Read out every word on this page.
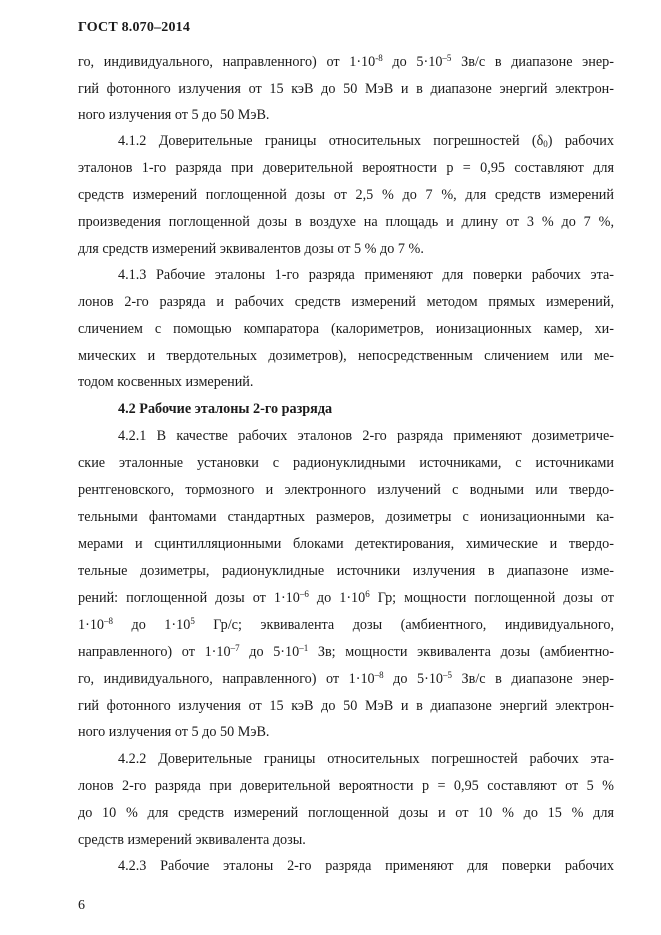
ГОСТ 8.070–2014
го, индивидуального, направленного) от $1\cdot 10^{-8}$ до $5\cdot 10^{-5}$ Зв/с в диапазоне энер-
гий фотонного излучения от 15 кэВ до 50 МэВ и в диапазоне энергий электрон-
ного излучения от 5 до 50 МэВ.
4.1.2 Доверительные границы относительных погрешностей $(\delta_0)$ рабочих
эталонов 1-го разряда при доверительной вероятности р = 0,95 составляют для
средств измерений поглощенной дозы от 2,5 % до 7 %, для средств измерений
произведения поглощенной дозы в воздухе на площадь и длину от 3 % до 7 %,
для средств измерений эквивалентов дозы от 5 % до 7 %.
4.1.3 Рабочие эталоны 1-го разряда применяют для поверки рабочих эта-
лонов 2-го разряда и рабочих средств измерений методом прямых измерений,
сличением с помощью компаратора (калориметров, ионизационных камер, хи-
мических и твердотельных дозиметров), непосредственным сличением или ме-
тодом косвенных измерений.
4.2 Рабочие эталоны 2-го разряда
4.2.1 В качестве рабочих эталонов 2-го разряда применяют дозиметриче-
ские эталонные установки с радионуклидными источниками, с источниками
рентгеновского, тормозного и электронного излучений с водными или твердо-
тельными фантомами стандартных размеров, дозиметры с ионизационными ка-
мерами и сцинтилляционными блоками детектирования, химические и твердо-
тельные дозиметры, радионуклидные источники излучения в диапазоне изме-
рений: поглощенной дозы от $1\cdot 10^{-6}$ до $1\cdot 10^6$ Гр; мощности поглощенной дозы от
$1\cdot 10^{-8}$ до $1\cdot 10^5$ Гр/с; эквивалента дозы (амбиентного, индивидуального,
направленного) от $1\cdot 10^{-7}$ до $5\cdot 10^{-1}$ Зв; мощности эквивалента дозы (амбиентно-
го, индивидуального, направленного) от $1\cdot 10^{-8}$ до $5\cdot 10^{-5}$ Зв/с в диапазоне энер-
гий фотонного излучения от 15 кэВ до 50 МэВ и в диапазоне энергий электрон-
ного излучения от 5 до 50 МэВ.
4.2.2 Доверительные границы относительных погрешностей рабочих эта-
лонов 2-го разряда при доверительной вероятности р = 0,95 составляют от 5 %
до 10 % для средств измерений поглощенной дозы и от 10 % до 15 % для
средств измерений эквивалента дозы.
4.2.3 Рабочие эталоны 2-го разряда применяют для поверки рабочих
6
